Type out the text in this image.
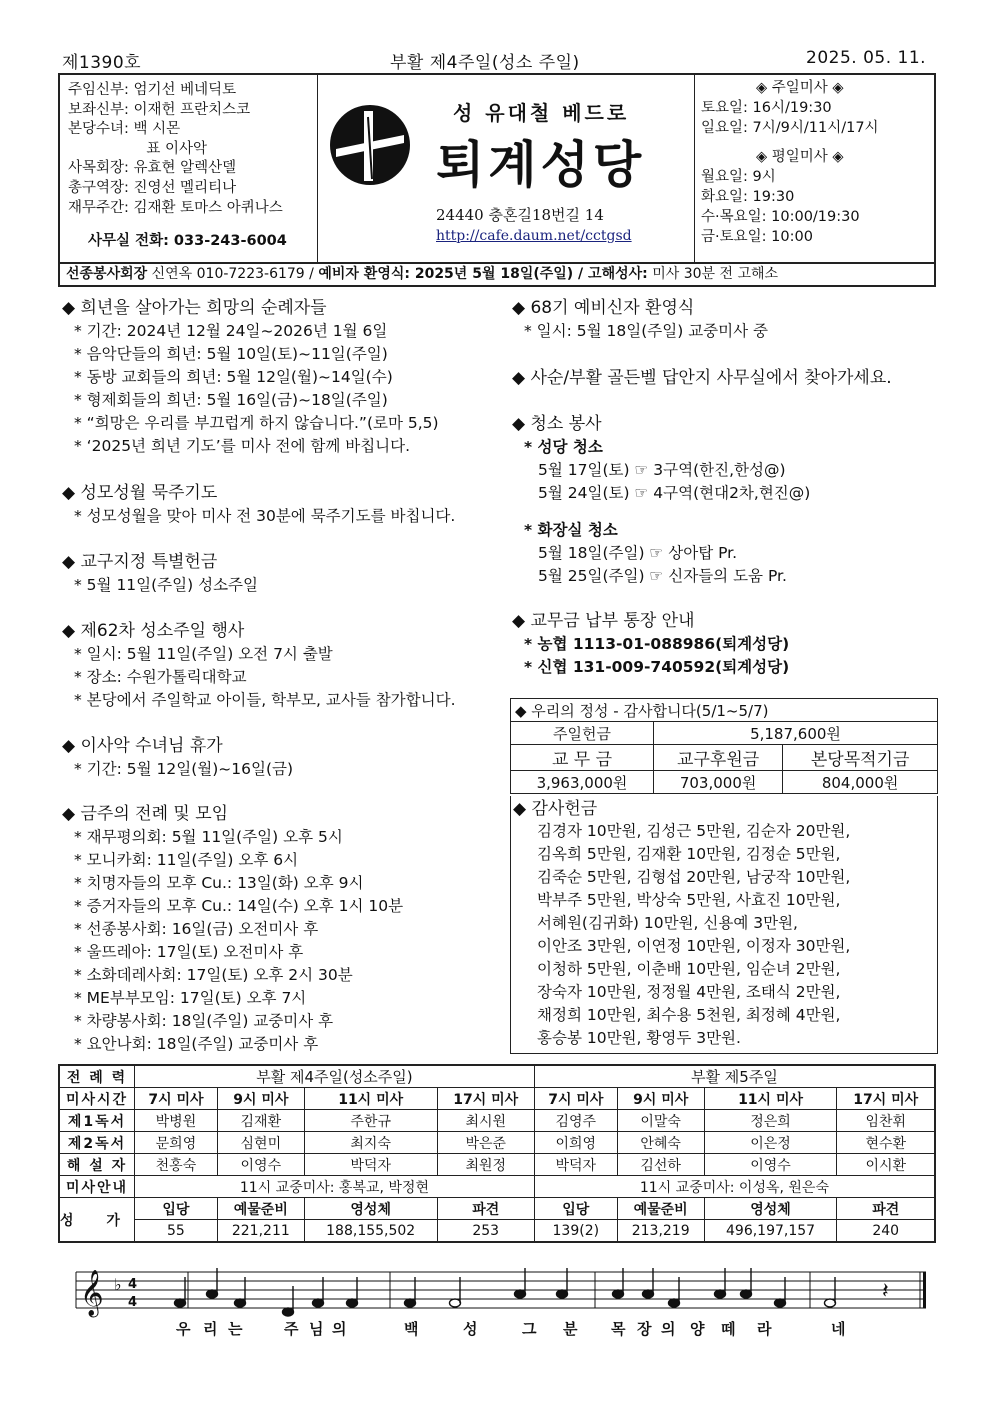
제1390호	부활 제4주일(성소 주일)	2025. 05. 11.
주임신부: 엄기선 베네딕토
보좌신부: 이재헌 프란치스코
본당수녀: 백 시몬
표 이사악
사목회장: 유효현 알렉산델
총구역장: 진영선 멜리티나
재무주간: 김재환 토마스 아퀴나스
사무실 전화: 033-243-6004
성 유대철 베드로
퇴계성당
24440 충혼길18번길 14
http://cafe.daum.net/cctgsd
◈ 주일미사 ◈
토요일: 16시/19:30
일요일: 7시/9시/11시/17시
◈ 평일미사 ◈
월요일: 9시
화요일: 19:30
수·목요일: 10:00/19:30
금·토요일: 10:00
선종봉사회장 신연옥 010-7223-6179 / 예비자 환영식: 2025년 5월 18일(주일) / 고해성사: 미사 30분 전 고해소
◆ 희년을 살아가는 희망의 순례자들
* 기간: 2024년 12월 24일~2026년 1월 6일
* 음악단들의 희년: 5월 10일(토)~11일(주일)
* 동방 교회들의 희년: 5월 12일(월)~14일(수)
* 형제회들의 희년: 5월 16일(금)~18일(주일)
* “희망은 우리를 부끄럽게 하지 않습니다.”(로마 5,5)
* ‘2025년 희년 기도’를 미사 전에 함께 바칩니다.
◆ 성모성월 묵주기도
* 성모성월을 맞아 미사 전 30분에 묵주기도를 바칩니다.
◆ 교구지정 특별헌금
* 5월 11일(주일) 성소주일
◆ 제62차 성소주일 행사
* 일시: 5월 11일(주일) 오전 7시 출발
* 장소: 수원가톨릭대학교
* 본당에서 주일학교 아이들, 학부모, 교사들 참가합니다.
◆ 이사악 수녀님 휴가
* 기간: 5월 12일(월)~16일(금)
◆ 금주의 전례 및 모임
* 재무평의회: 5월 11일(주일) 오후 5시
* 모니카회: 11일(주일) 오후 6시
* 치명자들의 모후 Cu.: 13일(화) 오후 9시
* 증거자들의 모후 Cu.: 14일(수) 오후 1시 10분
* 선종봉사회: 16일(금) 오전미사 후
* 울뜨레아: 17일(토) 오전미사 후
* 소화데레사회: 17일(토) 오후 2시 30분
* ME부부모임: 17일(토) 오후 7시
* 차량봉사회: 18일(주일) 교중미사 후
* 요안나회: 18일(주일) 교중미사 후
◆ 68기 예비신자 환영식
* 일시: 5월 18일(주일) 교중미사 중
◆ 사순/부활 골든벨 답안지 사무실에서 찾아가세요.
◆ 청소 봉사
* 성당 청소
5월 17일(토) ☞ 3구역(한진,한성@)
5월 24일(토) ☞ 4구역(현대2차,현진@)
* 화장실 청소
5월 18일(주일) ☞ 상아탑 Pr.
5월 25일(주일) ☞ 신자들의 도움 Pr.
◆ 교무금 납부 통장 안내
* 농협 1113-01-088986(퇴계성당)
* 신협 131-009-740592(퇴계성당)
◆ 우리의 정성 - 감사합니다(5/1~5/7)		
주일헌금	5,187,600원	
교 무 금	교구후원금	본당목적기금
3,963,000원	703,000원	804,000원
◆ 감사헌금
김경자 10만원, 김성근 5만원, 김순자 20만원,
김옥희 5만원, 김재환 10만원, 김정순 5만원,
김죽순 5만원, 김형섭 20만원, 남궁작 10만원,
박부주 5만원, 박상숙 5만원, 사효진 10만원,
서혜원(김귀화) 10만원, 신용예 3만원,
이안조 3만원, 이연정 10만원, 이정자 30만원,
이청하 5만원, 이춘배 10만원, 임순녀 2만원,
장숙자 10만원, 정정월 4만원, 조태식 2만원,
채정희 10만원, 최수용 5천원, 최정혜 4만원,
홍승봉 10만원, 황영두 3만원.
전 례 력	부활 제4주일(성소주일)				부활 제5주일			
미사시간	7시 미사	9시 미사	11시 미사	17시 미사	7시 미사	9시 미사	11시 미사	17시 미사
제1독서	박병원	김재환	주한규	최시원	김영주	이말숙	정은희	임찬휘
제2독서	문희영	심현미	최지숙	박은준	이희영	안혜숙	이은정	현수환
해 설 자	천홍숙	이영수	박덕자	최원정	박덕자	김선하	이영수	이시환
미사안내	11시 교중미사: 홍복교, 박정현				11시 교중미사: 이성옥, 원은숙			
성 가	입당	예물준비	영성체	파견	입당	예물준비	영성체	파견
	55	221,211	188,155,502	253	139(2)	213,219	496,197,157	240
𝄞 ♭ 4
4	𝄽
우 리 는	주 님 의	백	성	그 분 목 장 의 양 떼 라	네
